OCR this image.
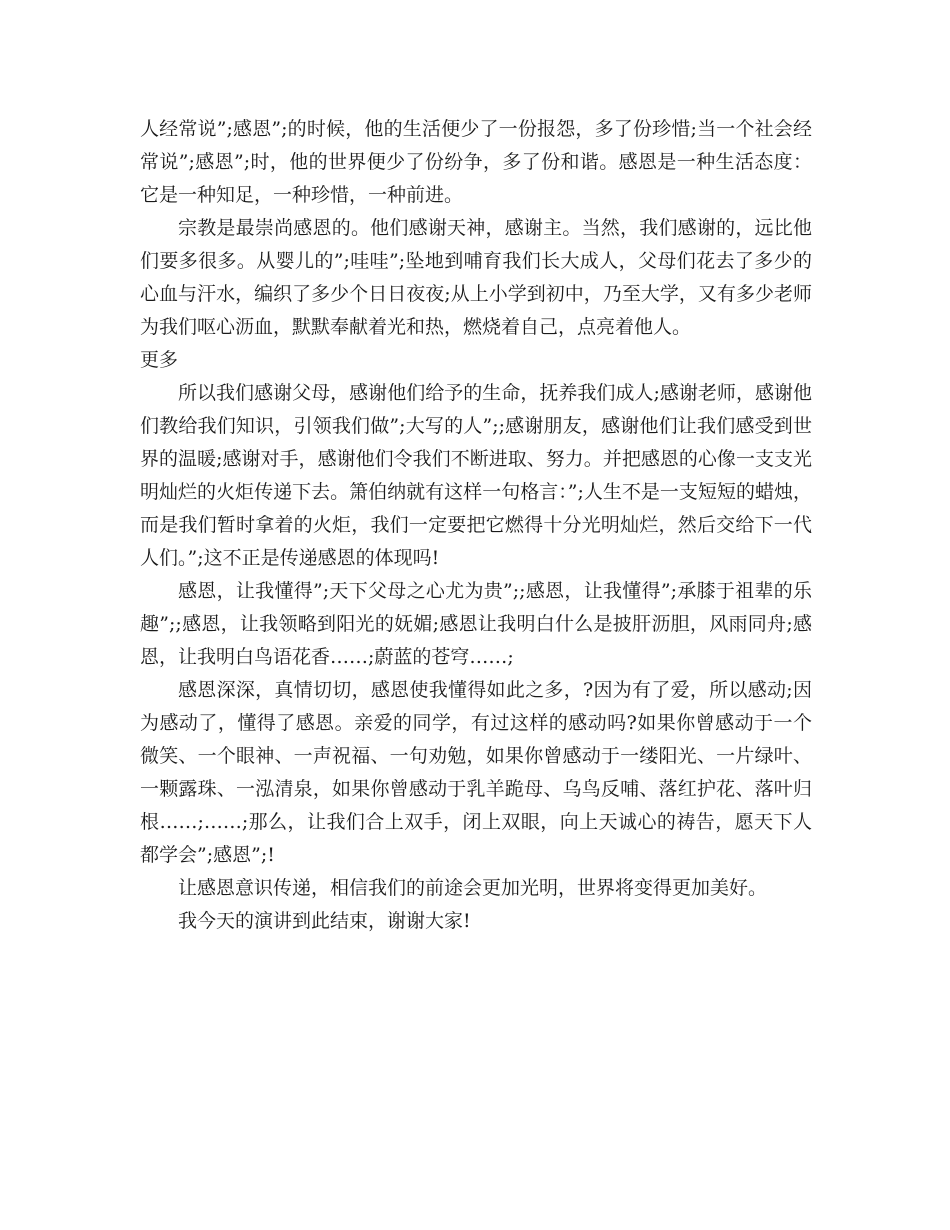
人经常说”;感恩”;的时候，他的生活便少了一份报怨，多了份珍惜;当一个社会经常说”;感恩”;时，他的世界便少了份纷争，多了份和谐。感恩是一种生活态度：它是一种知足，一种珍惜，一种前进。

宗教是最崇尚感恩的。他们感谢天神，感谢主。当然，我们感谢的，远比他们要多很多。从婴儿的”;哇哇”;坠地到哺育我们长大成人，父母们花去了多少的心血与汗水，编织了多少个日日夜夜;从上小学到初中，乃至大学，又有多少老师为我们呕心沥血，默默奉献着光和热，燃烧着自己，点亮着他人。

更多

所以我们感谢父母，感谢他们给予的生命，抚养我们成人;感谢老师，感谢他们教给我们知识，引领我们做”;大写的人”;;感谢朋友，感谢他们让我们感受到世界的温暖;感谢对手，感谢他们令我们不断进取、努力。并把感恩的心像一支支光明灿烂的火炬传递下去。箫伯纳就有这样一句格言：”;人生不是一支短短的蜡烛，而是我们暂时拿着的火炬，我们一定要把它燃得十分光明灿烂，然后交给下一代人们。”;这不正是传递感恩的体现吗!

感恩，让我懂得”;天下父母之心尤为贵”;;感恩，让我懂得”;承膝于祖辈的乐趣”;;感恩，让我领略到阳光的妩媚;感恩让我明白什么是披肝沥胆，风雨同舟;感恩，让我明白鸟语花香……;蔚蓝的苍穹……;

感恩深深，真情切切，感恩使我懂得如此之多，?因为有了爱，所以感动;因为感动了，懂得了感恩。亲爱的同学，有过这样的感动吗?如果你曾感动于一个微笑、一个眼神、一声祝福、一句劝勉，如果你曾感动于一缕阳光、一片绿叶、一颗露珠、一泓清泉，如果你曾感动于乳羊跪母、乌鸟反哺、落红护花、落叶归根……;……;那么，让我们合上双手，闭上双眼，向上天诚心的祷告，愿天下人都学会”;感恩”;!

让感恩意识传递，相信我们的前途会更加光明，世界将变得更加美好。

我今天的演讲到此结束，谢谢大家!
